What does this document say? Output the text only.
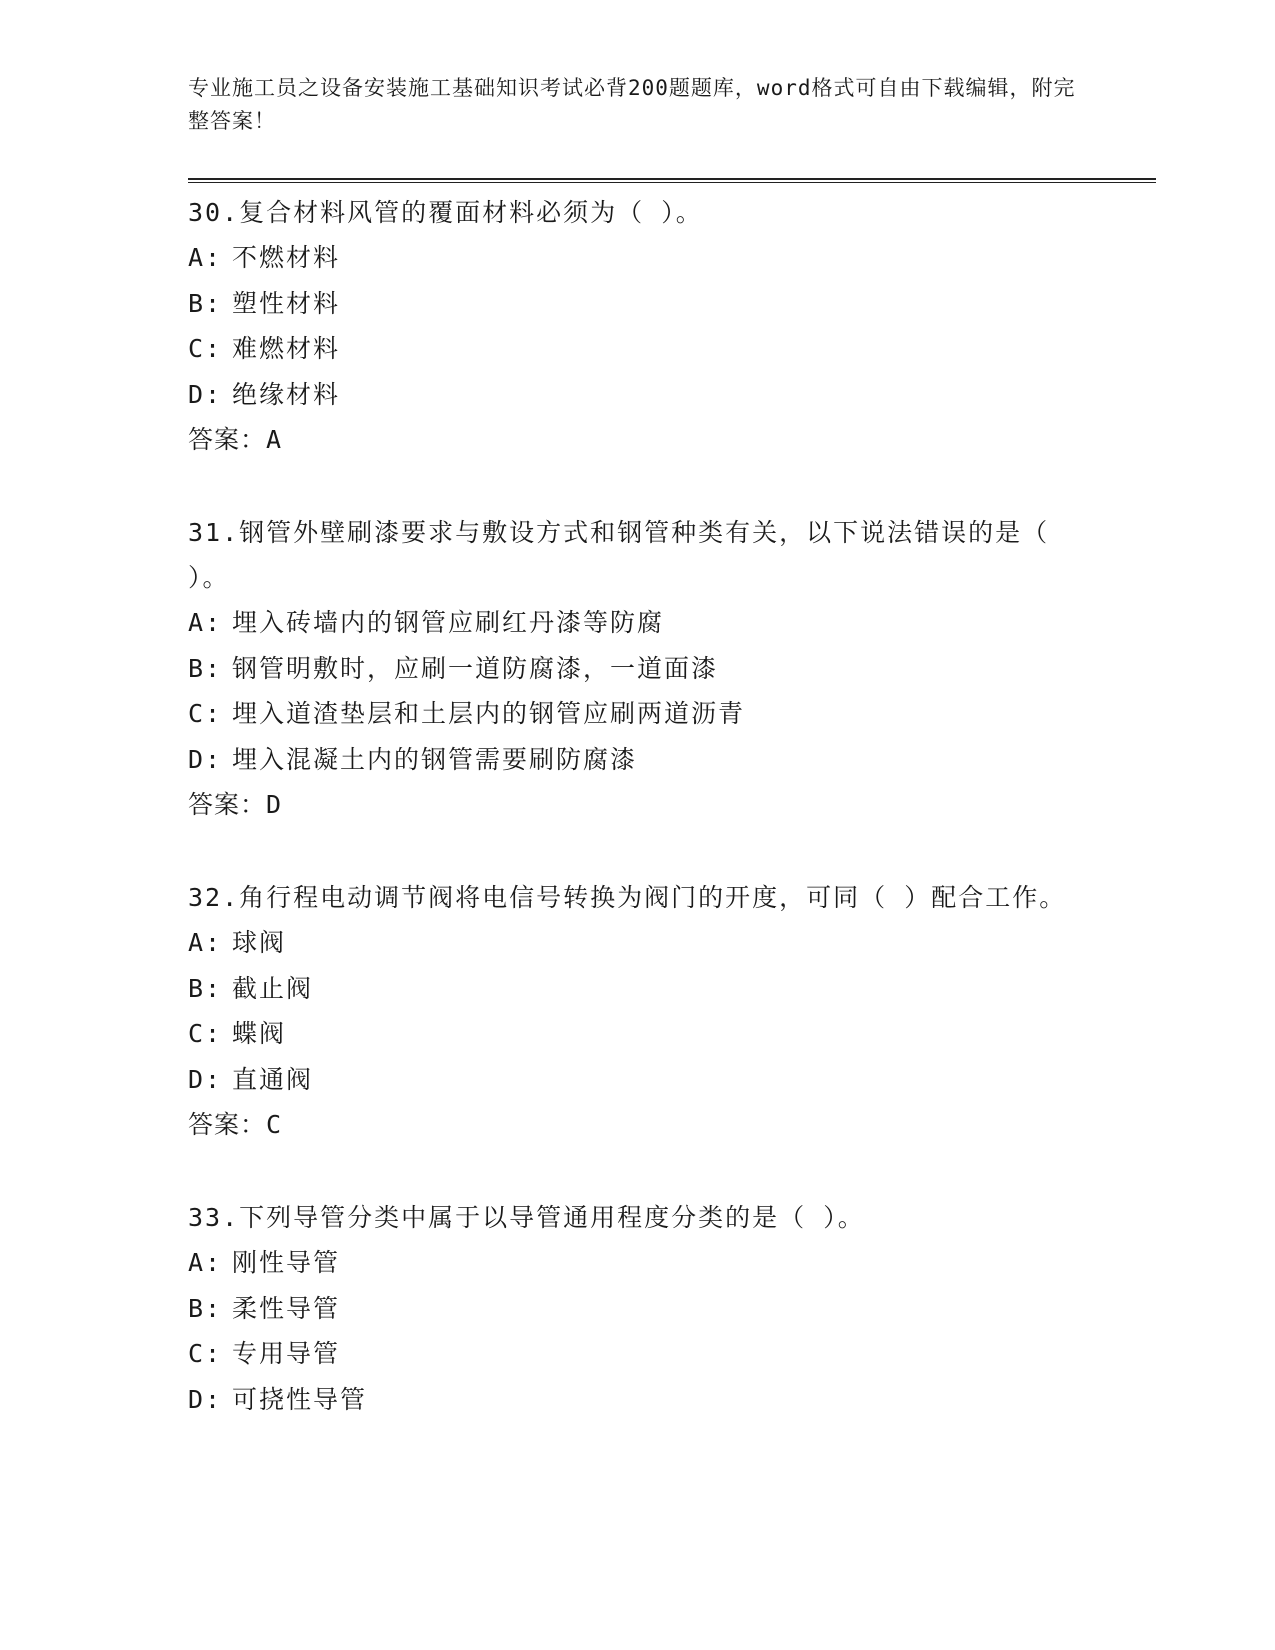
专业施工员之设备安装施工基础知识考试必背200题题库，word格式可自由下载编辑，附完整答案！

30.复合材料风管的覆面材料必须为（ ）。

A: 不燃材料

B: 塑性材料

C: 难燃材料

D: 绝缘材料

答案：A

31.钢管外壁刷漆要求与敷设方式和钢管种类有关，以下说法错误的是（ ）。

A: 埋入砖墙内的钢管应刷红丹漆等防腐

B: 钢管明敷时，应刷一道防腐漆，一道面漆

C: 埋入道渣垫层和土层内的钢管应刷两道沥青

D: 埋入混凝土内的钢管需要刷防腐漆

答案：D

32.角行程电动调节阀将电信号转换为阀门的开度，可同（ ）配合工作。

A: 球阀

B: 截止阀

C: 蝶阀

D: 直通阀

答案：C

33.下列导管分类中属于以导管通用程度分类的是（ ）。

A: 刚性导管

B: 柔性导管

C: 专用导管

D: 可挠性导管
